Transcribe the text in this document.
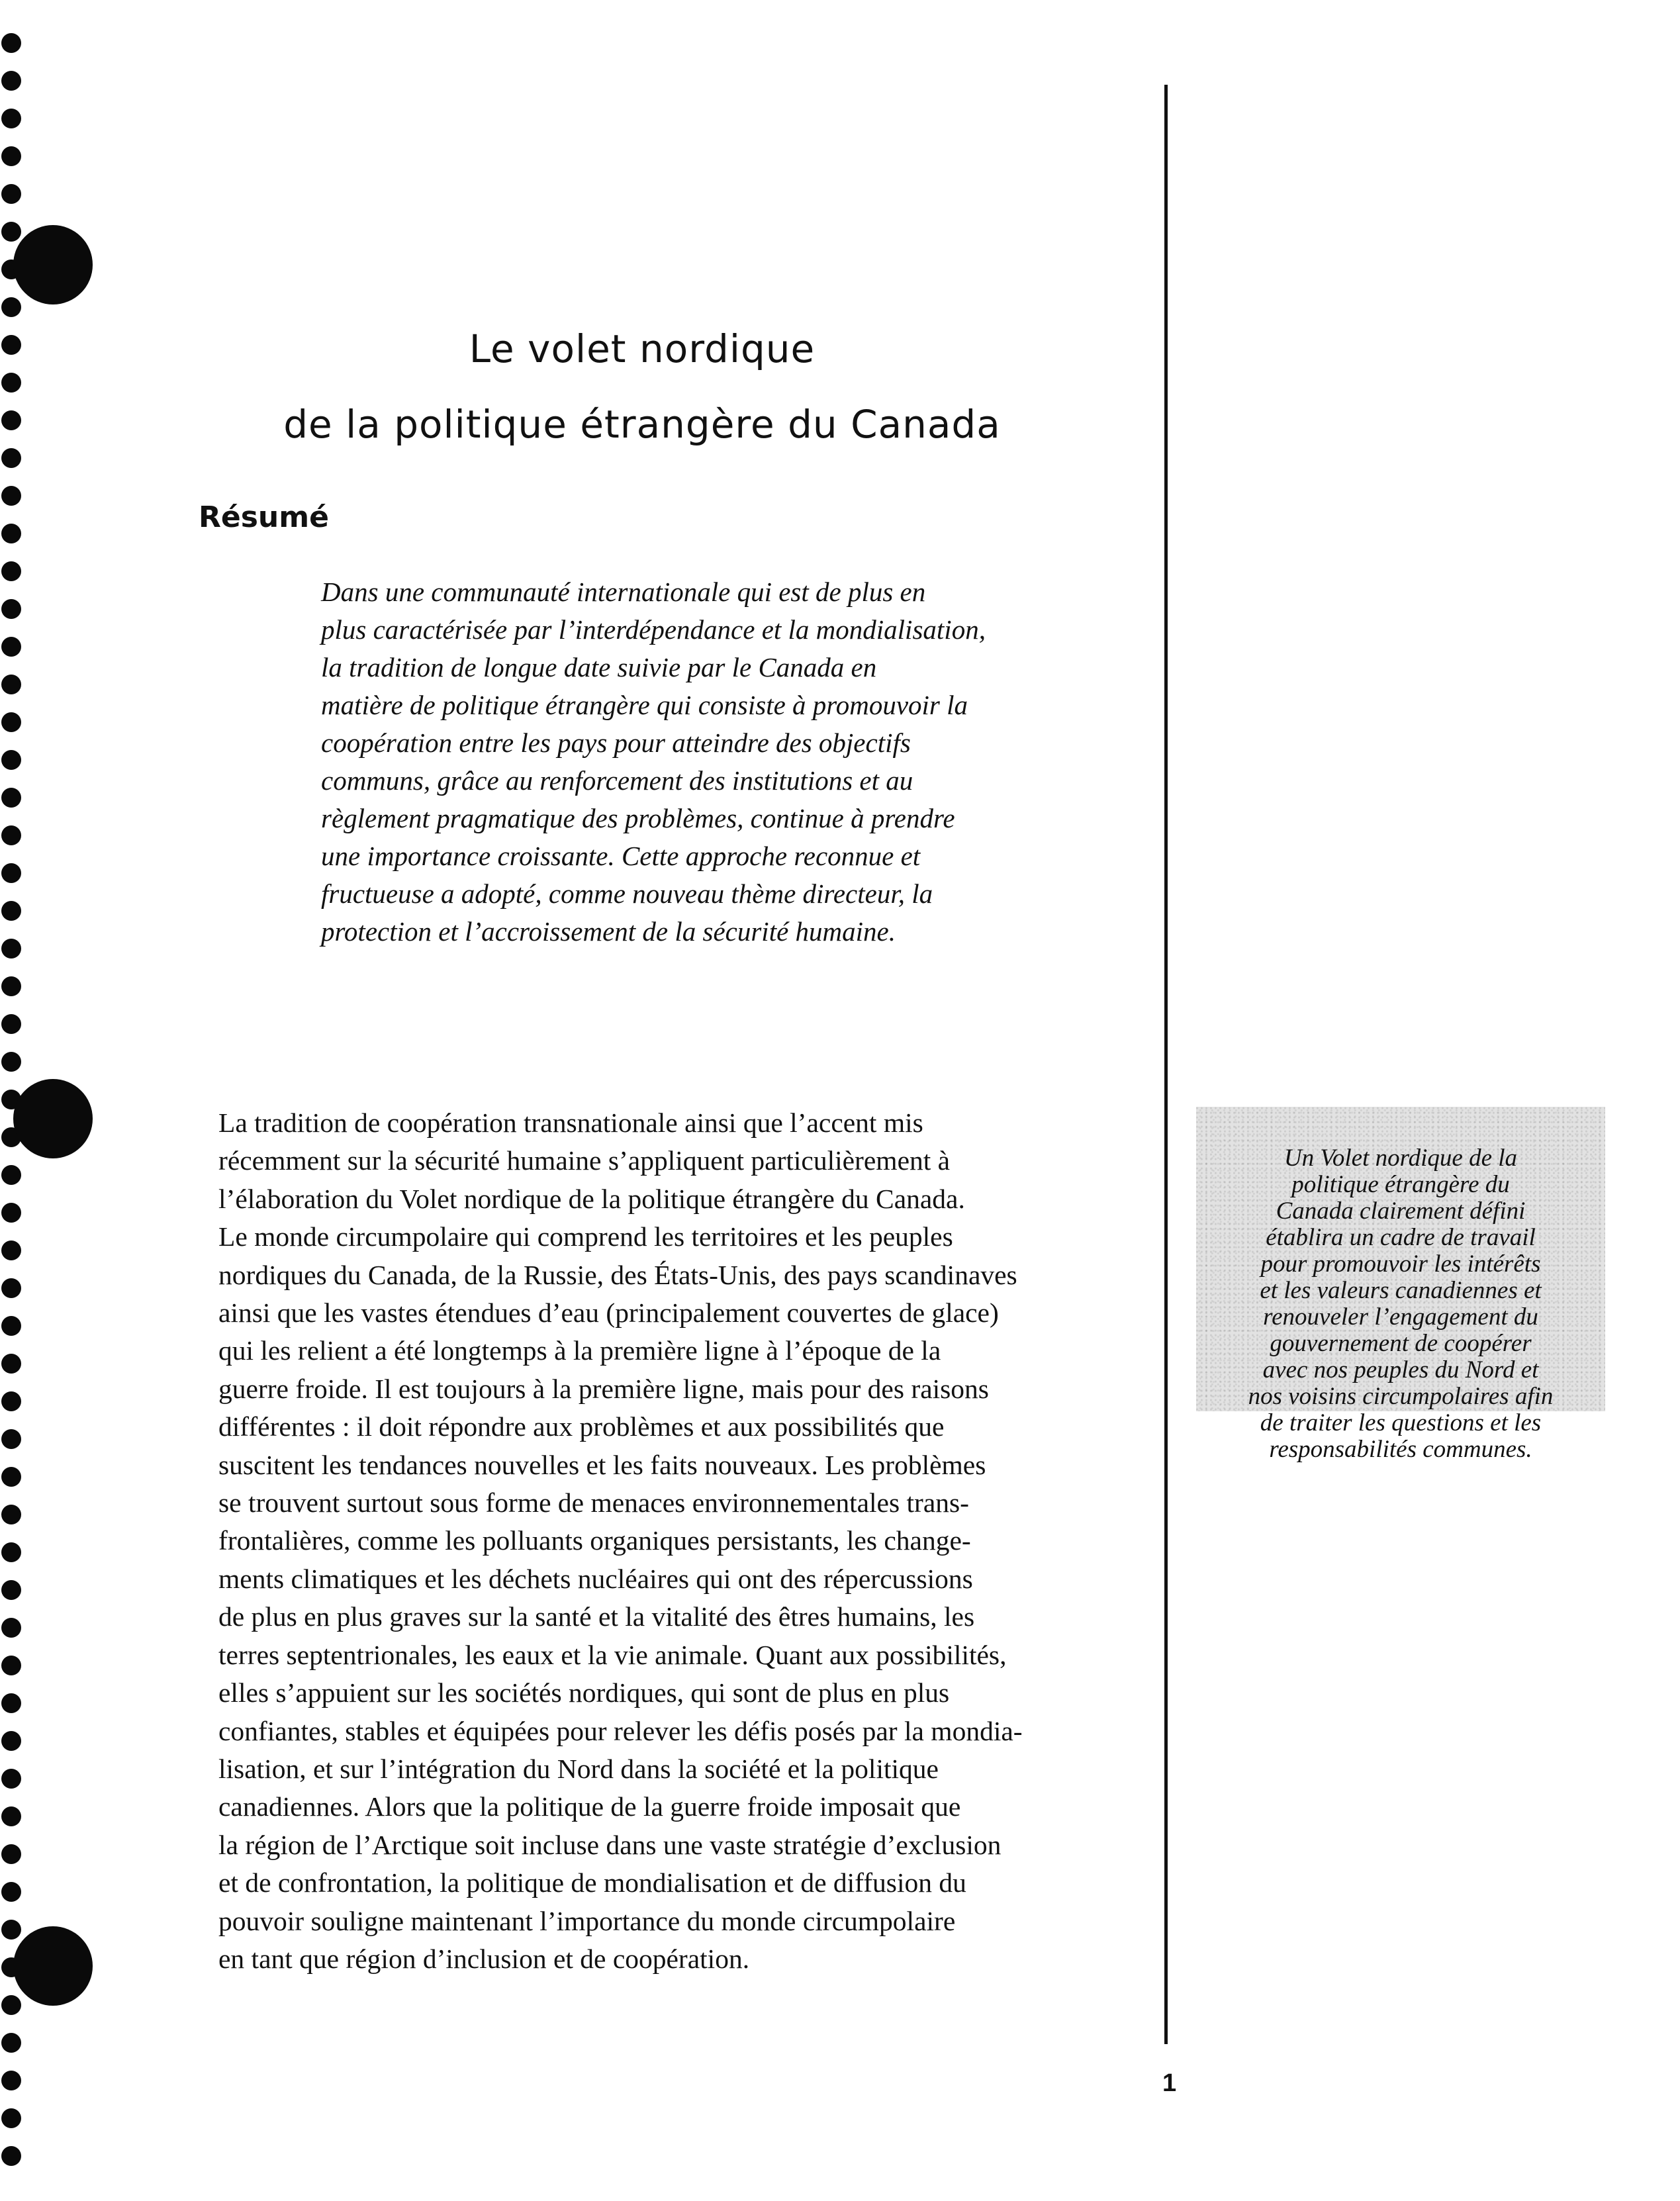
Le volet nordique
de la politique étrangère du Canada
Résumé
Dans une communauté internationale qui est de plus en
plus caractérisée par l’interdépendance et la mondialisation,
la tradition de longue date suivie par le Canada en
matière de politique étrangère qui consiste à promouvoir la
coopération entre les pays pour atteindre des objectifs
communs, grâce au renforcement des institutions et au
règlement pragmatique des problèmes, continue à prendre
une importance croissante. Cette approche reconnue et
fructueuse a adopté, comme nouveau thème directeur, la
protection et l’accroissement de la sécurité humaine.
La tradition de coopération transnationale ainsi que l’accent mis
récemment sur la sécurité humaine s’appliquent particulièrement à
l’élaboration du Volet nordique de la politique étrangère du Canada.
Le monde circumpolaire qui comprend les territoires et les peuples
nordiques du Canada, de la Russie, des États-Unis, des pays scandinaves
ainsi que les vastes étendues d’eau (principalement couvertes de glace)
qui les relient a été longtemps à la première ligne à l’époque de la
guerre froide. Il est toujours à la première ligne, mais pour des raisons
différentes : il doit répondre aux problèmes et aux possibilités que
suscitent les tendances nouvelles et les faits nouveaux. Les problèmes
se trouvent surtout sous forme de menaces environnementales trans-
frontalières, comme les polluants organiques persistants, les change-
ments climatiques et les déchets nucléaires qui ont des répercussions
de plus en plus graves sur la santé et la vitalité des êtres humains, les
terres septentrionales, les eaux et la vie animale. Quant aux possibilités,
elles s’appuient sur les sociétés nordiques, qui sont de plus en plus
confiantes, stables et équipées pour relever les défis posés par la mondia-
lisation, et sur l’intégration du Nord dans la société et la politique
canadiennes. Alors que la politique de la guerre froide imposait que
la région de l’Arctique soit incluse dans une vaste stratégie d’exclusion
et de confrontation, la politique de mondialisation et de diffusion du
pouvoir souligne maintenant l’importance du monde circumpolaire
en tant que région d’inclusion et de coopération.
Un Volet nordique de la
politique étrangère du
Canada clairement défini
établira un cadre de travail
pour promouvoir les intérêts
et les valeurs canadiennes et
renouveler l’engagement du
gouvernement de coopérer
avec nos peuples du Nord et
nos voisins circumpolaires afin
de traiter les questions et les
responsabilités communes.
1
